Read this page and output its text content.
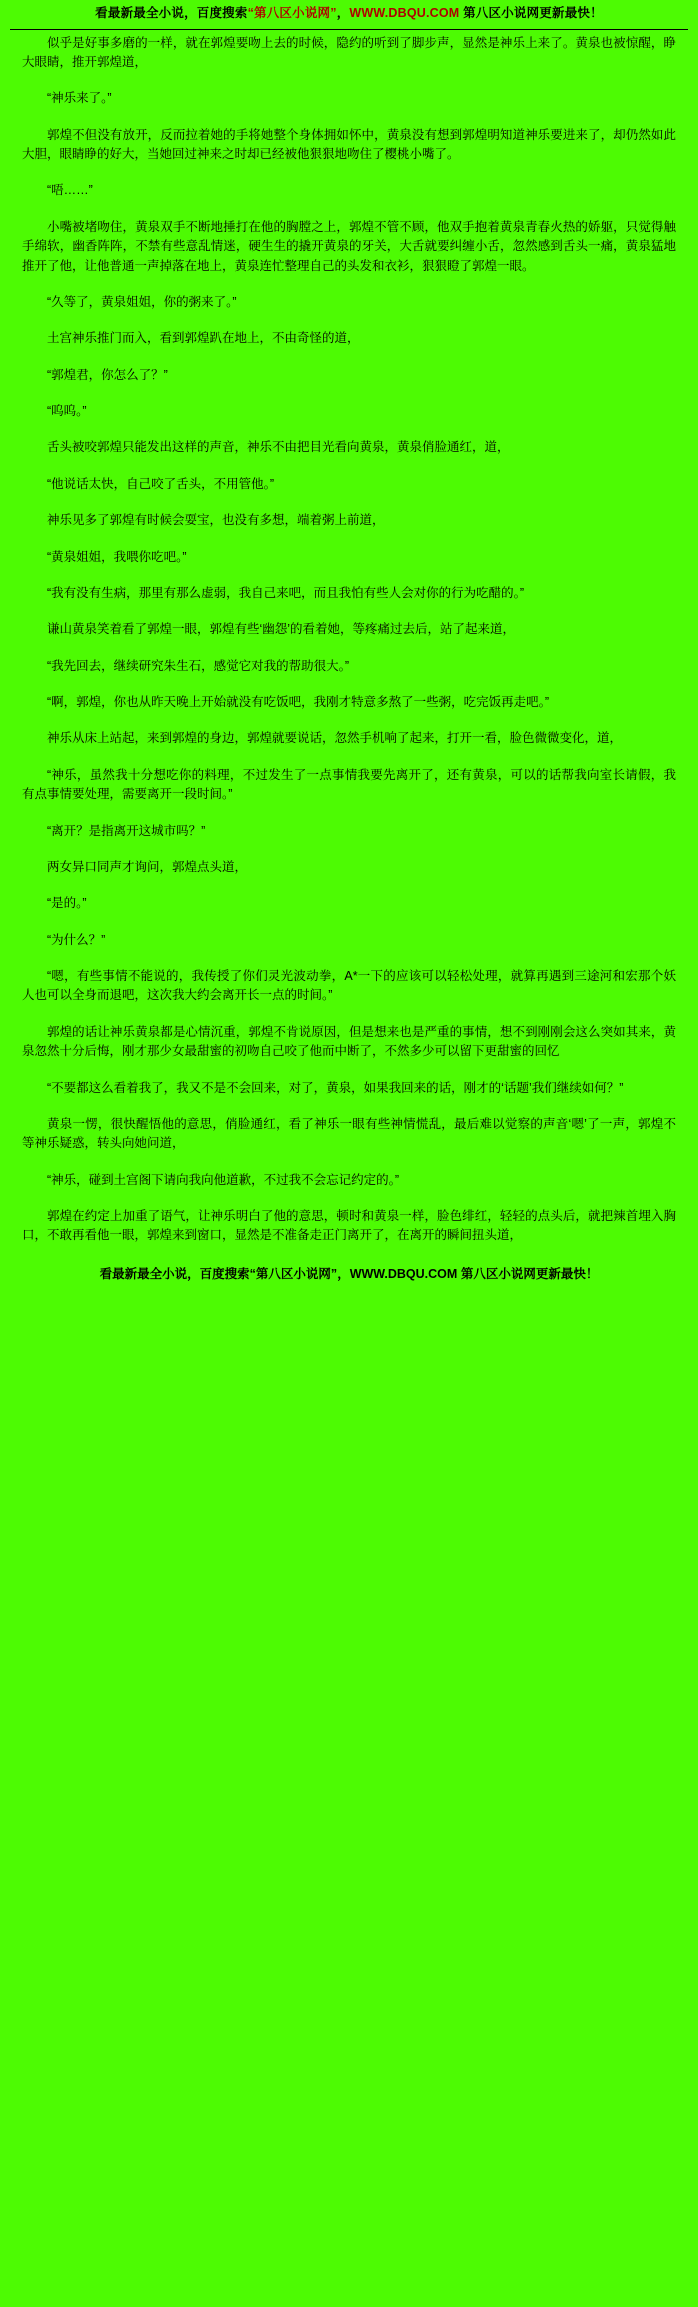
看最新最全小说，百度搜索“第八区小说网”，WWW.DBQU.COM 第八区小说网更新最快！

似乎是好事多磨的一样，就在郭煌要吻上去的时候，隐约的听到了脚步声，显然是神乐上来了。黄泉也被惊醒，睁大眼睛，推开郭煌道，

“神乐来了。”

郭煌不但没有放开，反而拉着她的手将她整个身体拥如怀中，黄泉没有想到郭煌明知道神乐要进来了，却仍然如此大胆，眼睛睁的好大，当她回过神来之时却已经被他狠狠地吻住了樱桃小嘴了。

“唔……”

小嘴被堵吻住，黄泉双手不断地捶打在他的胸膛之上，郭煌不管不顾，他双手抱着黄泉青春火热的娇躯，只觉得触手绵软，幽香阵阵，不禁有些意乱情迷，硬生生的撬开黄泉的牙关，大舌就要纠缠小舌，忽然感到舌头一痛，黄泉猛地推开了他，让他普通一声掉落在地上，黄泉连忙整理自己的头发和衣衫，狠狠瞪了郭煌一眼。

“久等了，黄泉姐姐，你的粥来了。”

土宫神乐推门而入，看到郭煌趴在地上，不由奇怪的道，

“郭煌君，你怎么了？”

“呜呜。”

舌头被咬郭煌只能发出这样的声音，神乐不由把目光看向黄泉，黄泉俏脸通红，道，

“他说话太快，自己咬了舌头，不用管他。”

神乐见多了郭煌有时候会耍宝，也没有多想，端着粥上前道，

“黄泉姐姐，我喂你吃吧。”

“我有没有生病，那里有那么虚弱，我自己来吧，而且我怕有些人会对你的行为吃醋的。”

谦山黄泉笑着看了郭煌一眼，郭煌有些‘幽怨’的看着她，等疼痛过去后，站了起来道，

“我先回去，继续研究朱生石，感觉它对我的帮助很大。”

“啊，郭煌，你也从昨天晚上开始就没有吃饭吧，我刚才特意多熬了一些粥，吃完饭再走吧。”

神乐从床上站起，来到郭煌的身边，郭煌就要说话，忽然手机响了起来，打开一看，脸色微微变化，道，

“神乐，虽然我十分想吃你的料理，不过发生了一点事情我要先离开了，还有黄泉，可以的话帮我向室长请假，我有点事情要处理，需要离开一段时间。”

“离开？是指离开这城市吗？”

两女异口同声才询问，郭煌点头道，

“是的。”

“为什么？”

“嗯，有些事情不能说的，我传授了你们灵光波动拳，A*一下的应该可以轻松处理，就算再遇到三途河和宏那个妖人也可以全身而退吧，这次我大约会离开长一点的时间。”

郭煌的话让神乐黄泉都是心情沉重，郭煌不肯说原因，但是想来也是严重的事情，想不到刚刚会这么突如其来，黄泉忽然十分后悔，刚才那少女最甜蜜的初吻自己咬了他而中断了，不然多少可以留下更甜蜜的回忆

“不要都这么看着我了，我又不是不会回来，对了，黄泉，如果我回来的话，刚才的‘话题’我们继续如何？”

黄泉一愣，很快醒悟他的意思，俏脸通红，看了神乐一眼有些神情慌乱，最后难以觉察的声音‘嗯’了一声，郭煌不等神乐疑惑，转头向她问道，

“神乐，碰到土宫阁下请向我向他道歉，不过我不会忘记约定的。”

郭煌在约定上加重了语气，让神乐明白了他的意思，顿时和黄泉一样，脸色绯红，轻轻的点头后，就把辣首埋入胸口，不敢再看他一眼，郭煌来到窗口，显然是不准备走正门离开了，在离开的瞬间扭头道，

看最新最全小说，百度搜索“第八区小说网”，WWW.DBQU.COM 第八区小说网更新最快！
